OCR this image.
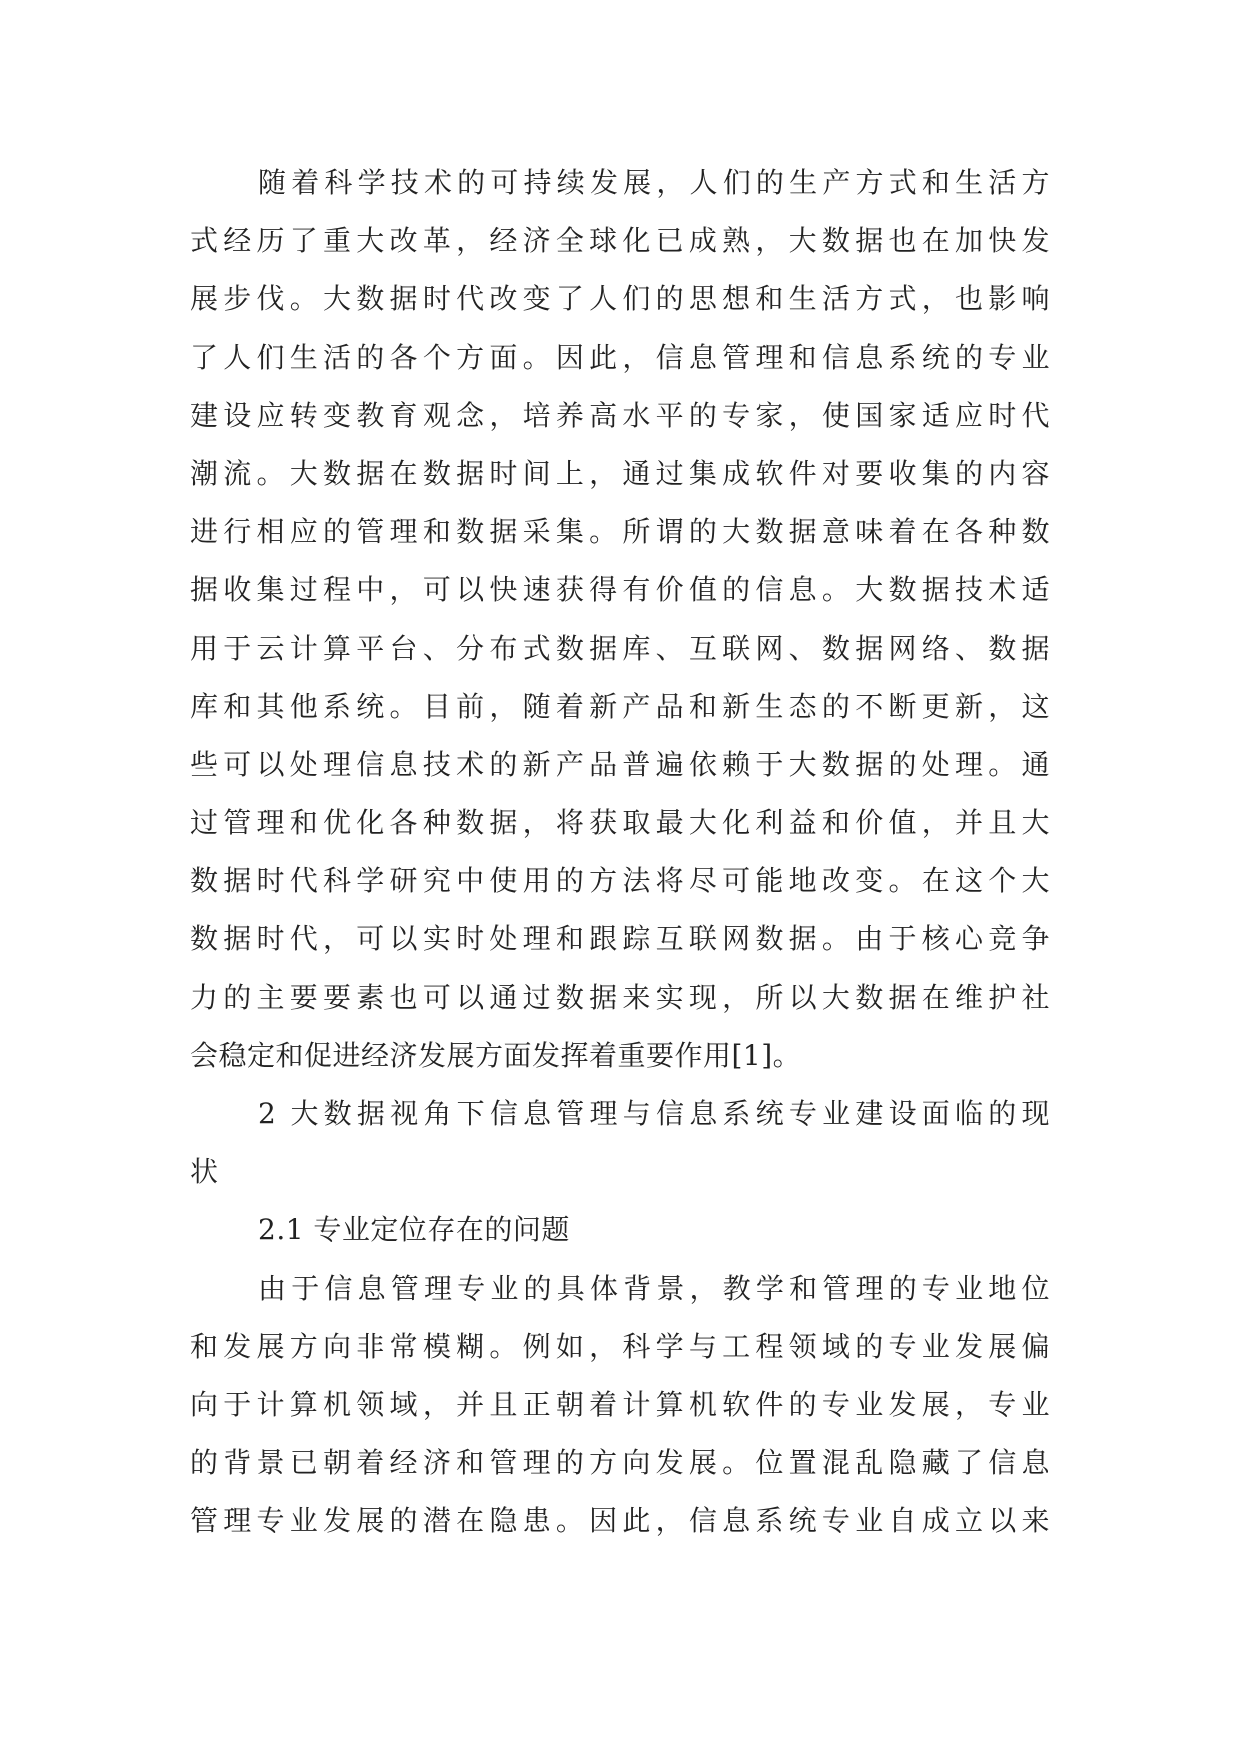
随着科学技术的可持续发展，人们的生产方式和生活方
式经历了重大改革，经济全球化已成熟，大数据也在加快发
展步伐。大数据时代改变了人们的思想和生活方式，也影响
了人们生活的各个方面。因此，信息管理和信息系统的专业
建设应转变教育观念，培养高水平的专家，使国家适应时代
潮流。大数据在数据时间上，通过集成软件对要收集的内容
进行相应的管理和数据采集。所谓的大数据意味着在各种数
据收集过程中，可以快速获得有价值的信息。大数据技术适
用于云计算平台、分布式数据库、互联网、数据网络、数据
库和其他系统。目前，随着新产品和新生态的不断更新，这
些可以处理信息技术的新产品普遍依赖于大数据的处理。通
过管理和优化各种数据，将获取最大化利益和价值，并且大
数据时代科学研究中使用的方法将尽可能地改变。在这个大
数据时代，可以实时处理和跟踪互联网数据。由于核心竞争
力的主要要素也可以通过数据来实现，所以大数据在维护社
会稳定和促进经济发展方面发挥着重要作用[1]。
2 大数据视角下信息管理与信息系统专业建设面临的现
状
2.1 专业定位存在的问题
由于信息管理专业的具体背景，教学和管理的专业地位
和发展方向非常模糊。例如，科学与工程领域的专业发展偏
向于计算机领域，并且正朝着计算机软件的专业发展，专业
的背景已朝着经济和管理的方向发展。位置混乱隐藏了信息
管理专业发展的潜在隐患。因此，信息系统专业自成立以来
